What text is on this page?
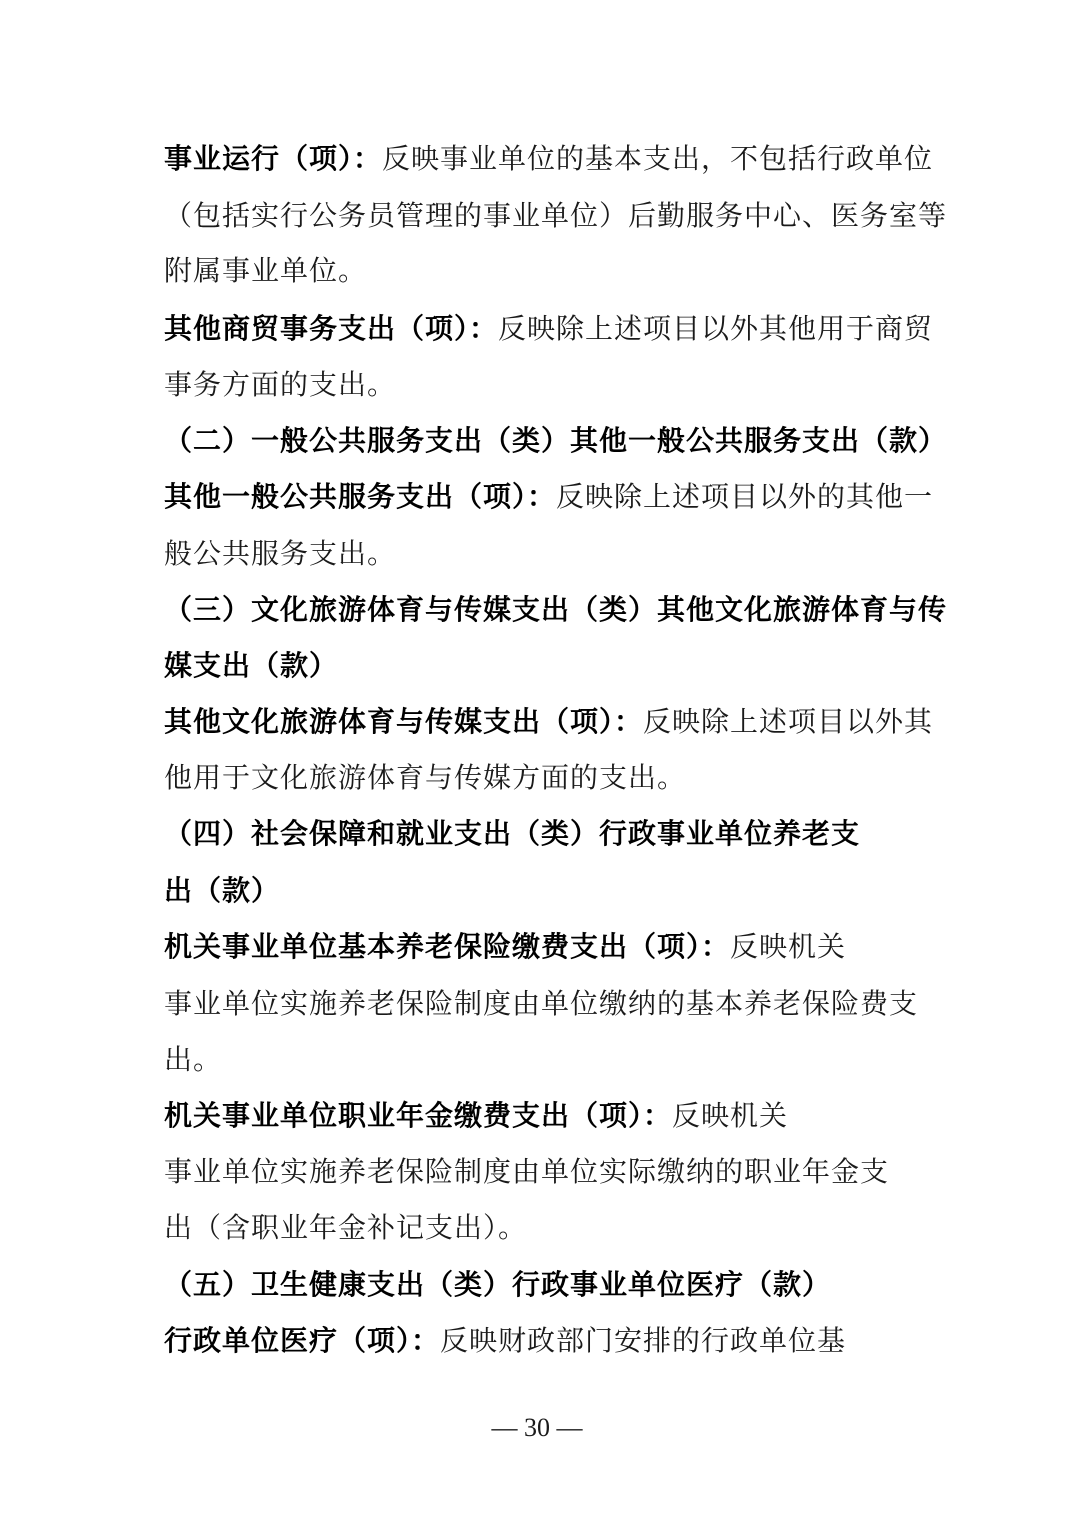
事业运行（项）：反映事业单位的基本支出，不包括行政单位
（包括实行公务员管理的事业单位）后勤服务中心、医务室等
附属事业单位。
其他商贸事务支出（项）：反映除上述项目以外其他用于商贸
事务方面的支出。
（二）一般公共服务支出（类）其他一般公共服务支出（款）
其他一般公共服务支出（项）：反映除上述项目以外的其他一
般公共服务支出。
（三）文化旅游体育与传媒支出（类）其他文化旅游体育与传
媒支出（款）
其他文化旅游体育与传媒支出（项）：反映除上述项目以外其
他用于文化旅游体育与传媒方面的支出。
（四）社会保障和就业支出（类）行政事业单位养老支
出（款）
机关事业单位基本养老保险缴费支出（项）：反映机关
事业单位实施养老保险制度由单位缴纳的基本养老保险费支
出。
机关事业单位职业年金缴费支出（项）：反映机关
事业单位实施养老保险制度由单位实际缴纳的职业年金支
出（含职业年金补记支出）。
（五）卫生健康支出（类）行政事业单位医疗（款）
行政单位医疗（项）：反映财政部门安排的行政单位基
— 30 —
